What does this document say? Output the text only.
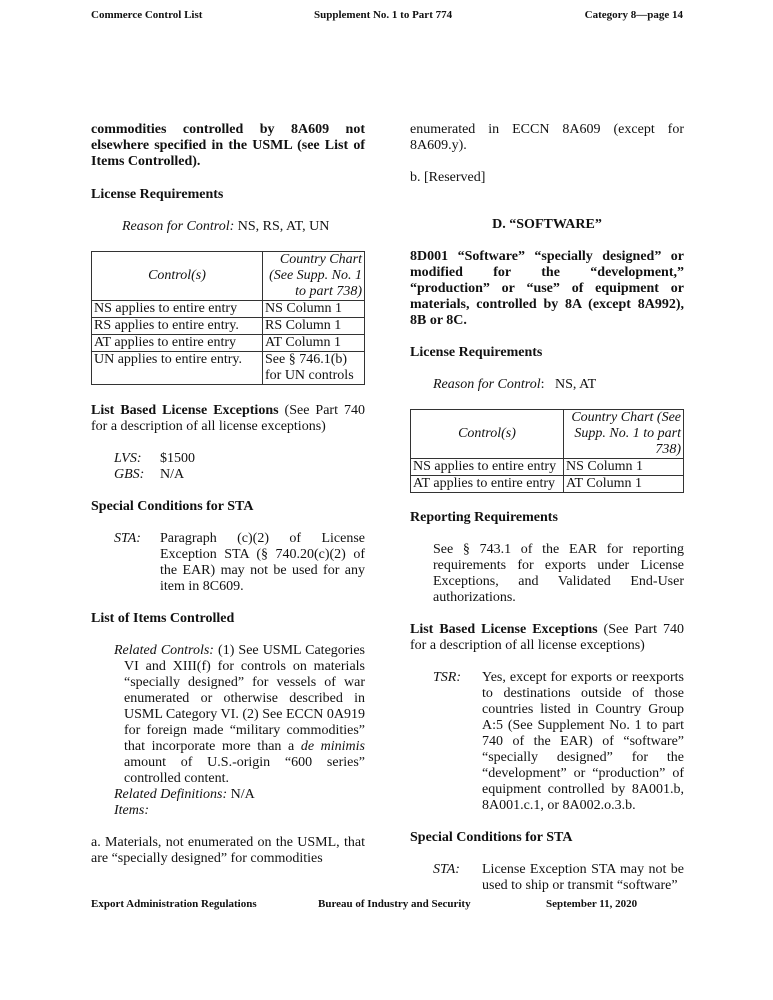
Commerce Control List	Supplement No. 1 to Part 774	Category 8—page 14

commodities controlled by 8A609 not elsewhere specified in the USML (see List of Items Controlled).

License Requirements

Reason for Control: NS, RS, AT, UN

Control(s)	Country Chart (See Supp. No. 1 to part 738)
NS applies to entire entry	NS Column 1
RS applies to entire entry.	RS Column 1
AT applies to entire entry	AT Column 1
UN applies to entire entry.	See § 746.1(b) for UN controls

List Based License Exceptions (See Part 740 for a description of all license exceptions)

LVS:	$1500
GBS:	N/A

Special Conditions for STA

STA:	Paragraph (c)(2) of License Exception STA (§ 740.20(c)(2) of the EAR) may not be used for any item in 8C609.

List of Items Controlled

Related Controls: (1) See USML Categories VI and XIII(f) for controls on materials “specially designed” for vessels of war enumerated or otherwise described in USML Category VI. (2) See ECCN 0A919 for foreign made “military commodities” that incorporate more than a de minimis amount of U.S.-origin “600 series” controlled content.

Related Definitions: N/A

Items:

a. Materials, not enumerated on the USML, that are “specially designed” for commodities

enumerated in ECCN 8A609 (except for 8A609.y).

b. [Reserved]

D. “SOFTWARE”

8D001 “Software” “specially designed” or modified for the “development,” “production” or “use” of equipment or materials, controlled by 8A (except 8A992), 8B or 8C.

License Requirements

Reason for Control:   NS, AT

Control(s)	Country Chart (See Supp. No. 1 to part 738)
NS applies to entire entry	NS Column 1
AT applies to entire entry	AT Column 1

Reporting Requirements

See § 743.1 of the EAR for reporting requirements for exports under License Exceptions, and Validated End-User authorizations.

List Based License Exceptions (See Part 740 for a description of all license exceptions)

TSR:	Yes, except for exports or reexports to destinations outside of those countries listed in Country Group A:5 (See Supplement No. 1 to part 740 of the EAR) of “software” “specially designed” for the “development” or “production” of equipment controlled by 8A001.b, 8A001.c.1, or 8A002.o.3.b.

Special Conditions for STA

STA:	License Exception STA may not be used to ship or transmit “software”
Export Administration Regulations	Bureau of Industry and Security	September 11, 2020
